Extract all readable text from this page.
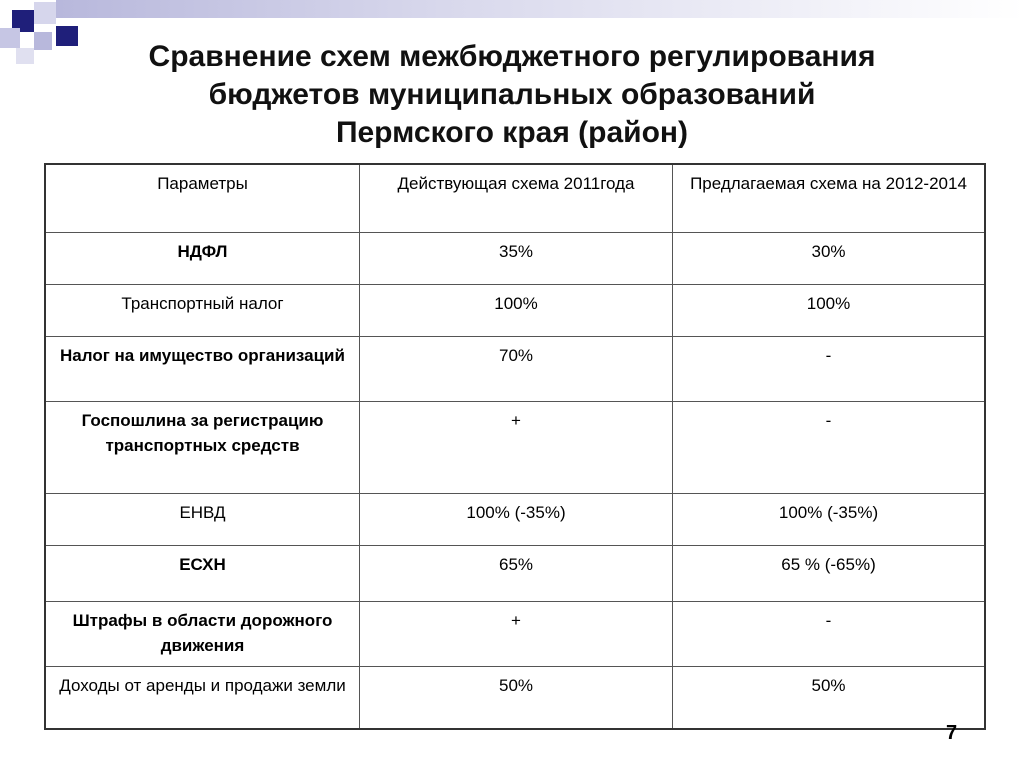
Сравнение схем межбюджетного регулирования
бюджетов муниципальных образований
Пермского края (район)
Параметры	Действующая схема 2011года	Предлагаемая схема на 2012-2014
НДФЛ	35%	30%
Транспортный налог	100%	100%
Налог на имущество организаций	70%	-
Госпошлина за регистрацию транспортных средств	+	-
ЕНВД	100% (-35%)	100% (-35%)
ЕСХН	65%	65 % (-65%)
Штрафы в области дорожного движения	+	-
Доходы от аренды и продажи земли	50%	50%
7
